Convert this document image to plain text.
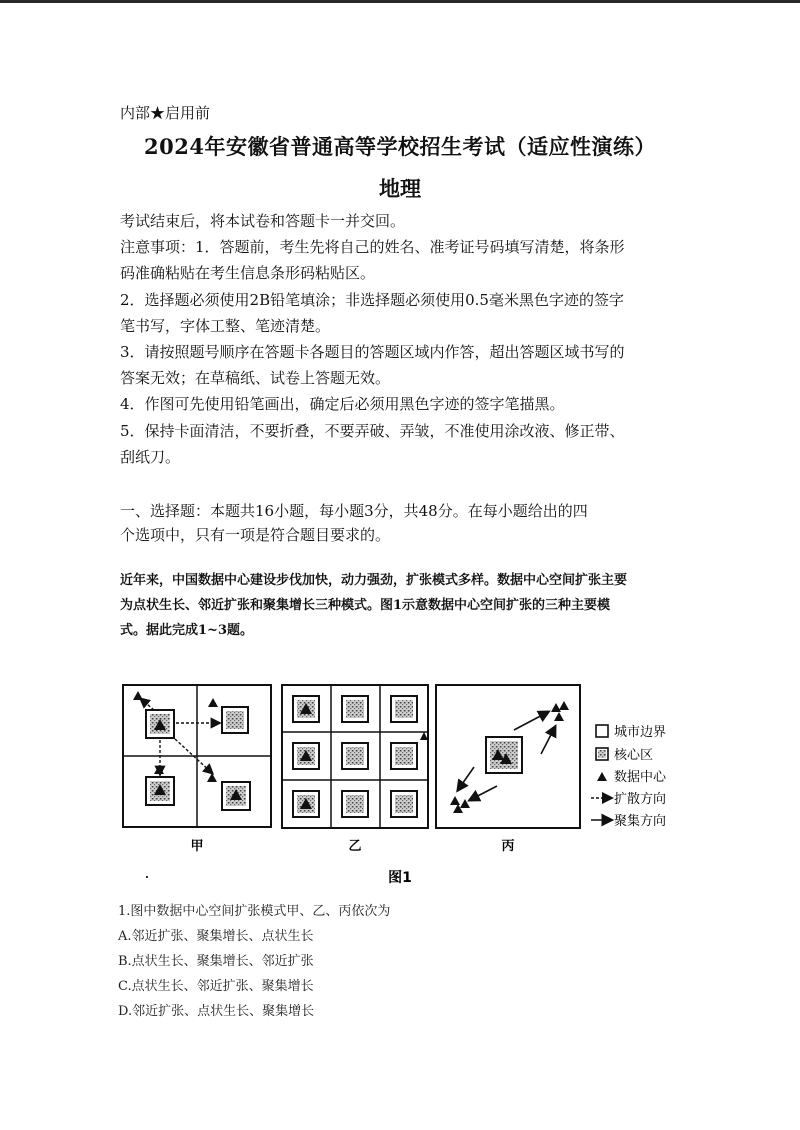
内部★启用前
2024年安徽省普通高等学校招生考试（适应性演练）
地理
考试结束后，将本试卷和答题卡一并交回。
注意事项：1．答题前，考生先将自己的姓名、准考证号码填写清楚，将条形
码准确粘贴在考生信息条形码粘贴区。
2．选择题必须使用2B铅笔填涂；非选择题必须使用0.5毫米黑色字迹的签字
笔书写，字体工整、笔迹清楚。
3．请按照题号顺序在答题卡各题目的答题区域内作答，超出答题区域书写的
答案无效；在草稿纸、试卷上答题无效。
4．作图可先使用铅笔画出，确定后必须用黑色字迹的签字笔描黑。
5．保持卡面清洁，不要折叠，不要弄破、弄皱，不准使用涂改液、修正带、
刮纸刀。
一、选择题：本题共16小题，每小题3分，共48分。在每小题给出的四
个选项中，只有一项是符合题目要求的。
近年来，中国数据中心建设步伐加快，动力强劲，扩张模式多样。数据中心空间扩张主要
为点状生长、邻近扩张和聚集增长三种模式。图1示意数据中心空间扩张的三种主要模
式。据此完成1~3题。
甲	乙	丙
城市边界
核心区
数据中心
扩散方向
聚集方向
图1
1.图中数据中心空间扩张模式甲、乙、丙依次为
A.邻近扩张、聚集增长、点状生长
B.点状生长、聚集增长、邻近扩张
C.点状生长、邻近扩张、聚集增长
D.邻近扩张、点状生长、聚集增长
